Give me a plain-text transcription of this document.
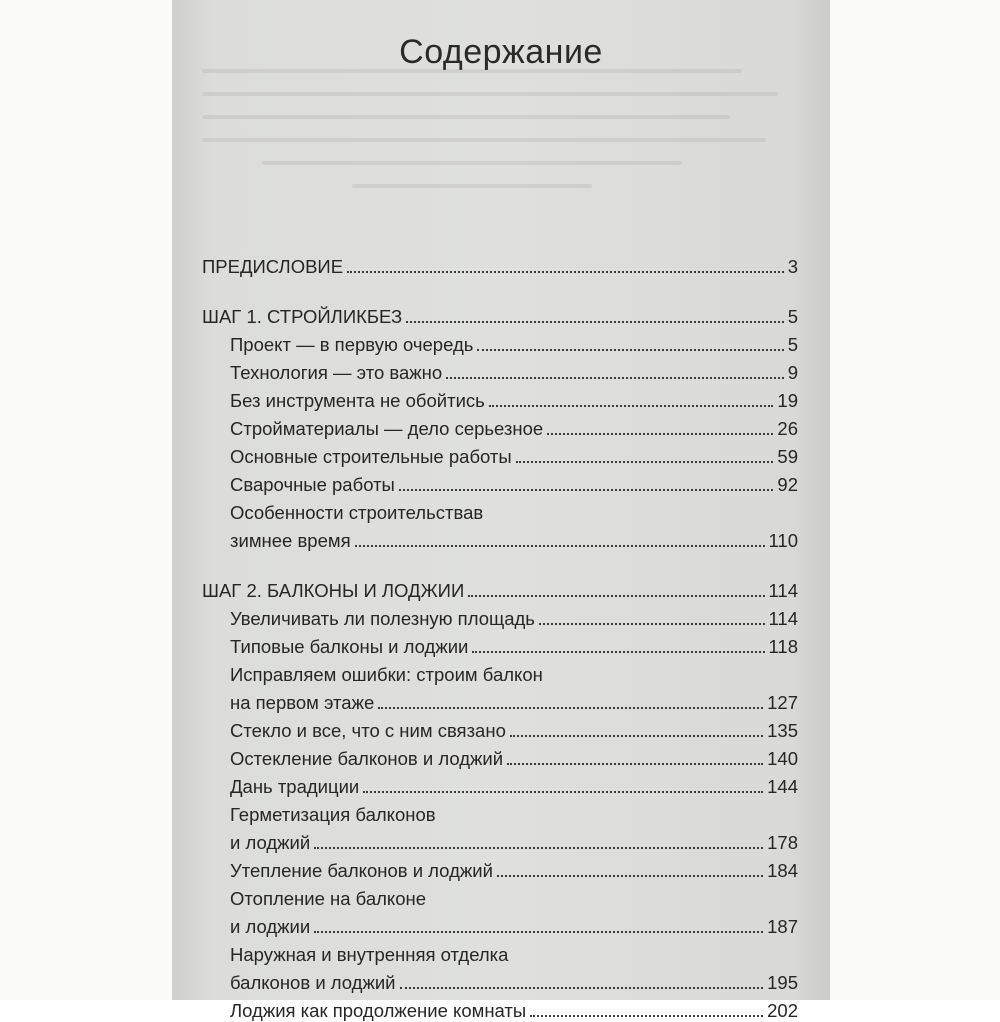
Содержание
ПРЕДИСЛОВИЕ	3
ШАГ 1. СТРОЙЛИКБЕЗ	5
Проект — в первую очередь	5
Технология — это важно	9
Без инструмента не обойтись	19
Стройматериалы — дело серьезное	26
Основные строительные работы	59
Сварочные работы	92
Особенности строительствав
зимнее время	110
ШАГ 2. БАЛКОНЫ И ЛОДЖИИ	114
Увеличивать ли полезную площадь	114
Типовые балконы и лоджии	118
Исправляем ошибки: строим балкон
на первом этаже	127
Стекло и все, что с ним связано	135
Остекление балконов и лоджий	140
Дань традиции	144
Герметизация балконов
и лоджий	178
Утепление балконов и лоджий	184
Отопление на балконе
и лоджии	187
Наружная и внутренняя отделка
балконов и лоджий	195
Лоджия как продолжение комнаты	202
